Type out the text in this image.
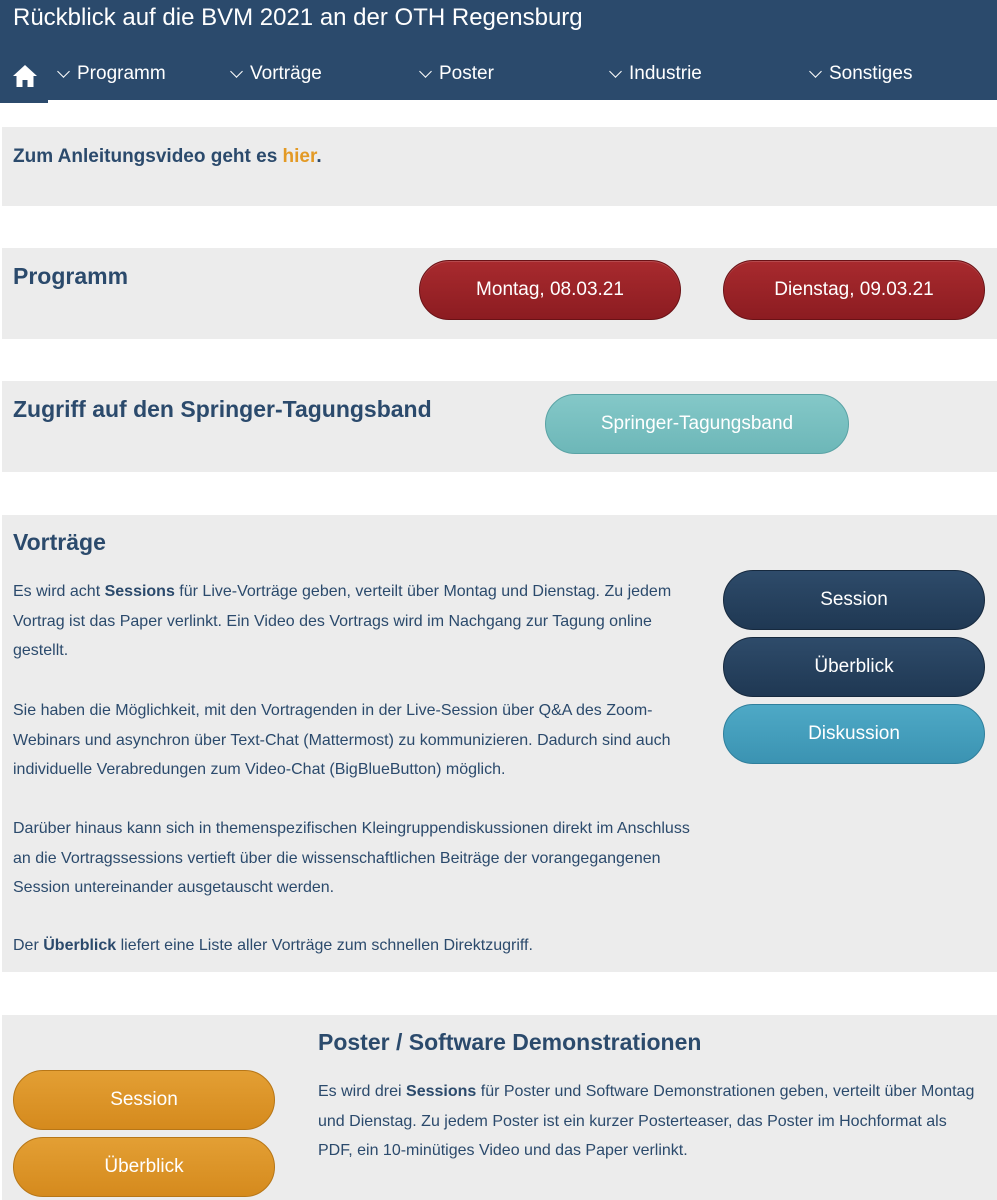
Rückblick auf die BVM 2021 an der OTH Regensburg
Programm	Vorträge	Poster	Industrie	Sonstiges
Zum Anleitungsvideo geht es hier.
Programm
Montag, 08.03.21	Dienstag, 09.03.21
Zugriff auf den Springer-Tagungsband
Springer-Tagungsband
Vorträge

Es wird acht Sessions für Live-Vorträge geben, verteilt über Montag und Dienstag. Zu jedem Vortrag ist das Paper verlinkt. Ein Video des Vortrags wird im Nachgang zur Tagung online gestellt.

Sie haben die Möglichkeit, mit den Vortragenden in der Live-Session über Q&A des Zoom-Webinars und asynchron über Text-Chat (Mattermost) zu kommunizieren. Dadurch sind auch individuelle Verabredungen zum Video-Chat (BigBlueButton) möglich.

Darüber hinaus kann sich in themenspezifischen Kleingruppendiskussionen direkt im Anschluss an die Vortragssessions vertieft über die wissenschaftlichen Beiträge der vorangegangenen Session untereinander ausgetauscht werden.

Der Überblick liefert eine Liste aller Vorträge zum schnellen Direktzugriff.

Session
Überblick
Diskussion
Poster / Software Demonstrationen

Es wird drei Sessions für Poster und Software Demonstrationen geben, verteilt über Montag und Dienstag. Zu jedem Poster ist ein kurzer Posterteaser, das Poster im Hochformat als PDF, ein 10-minütiges Video und das Paper verlinkt.

Session
Überblick
